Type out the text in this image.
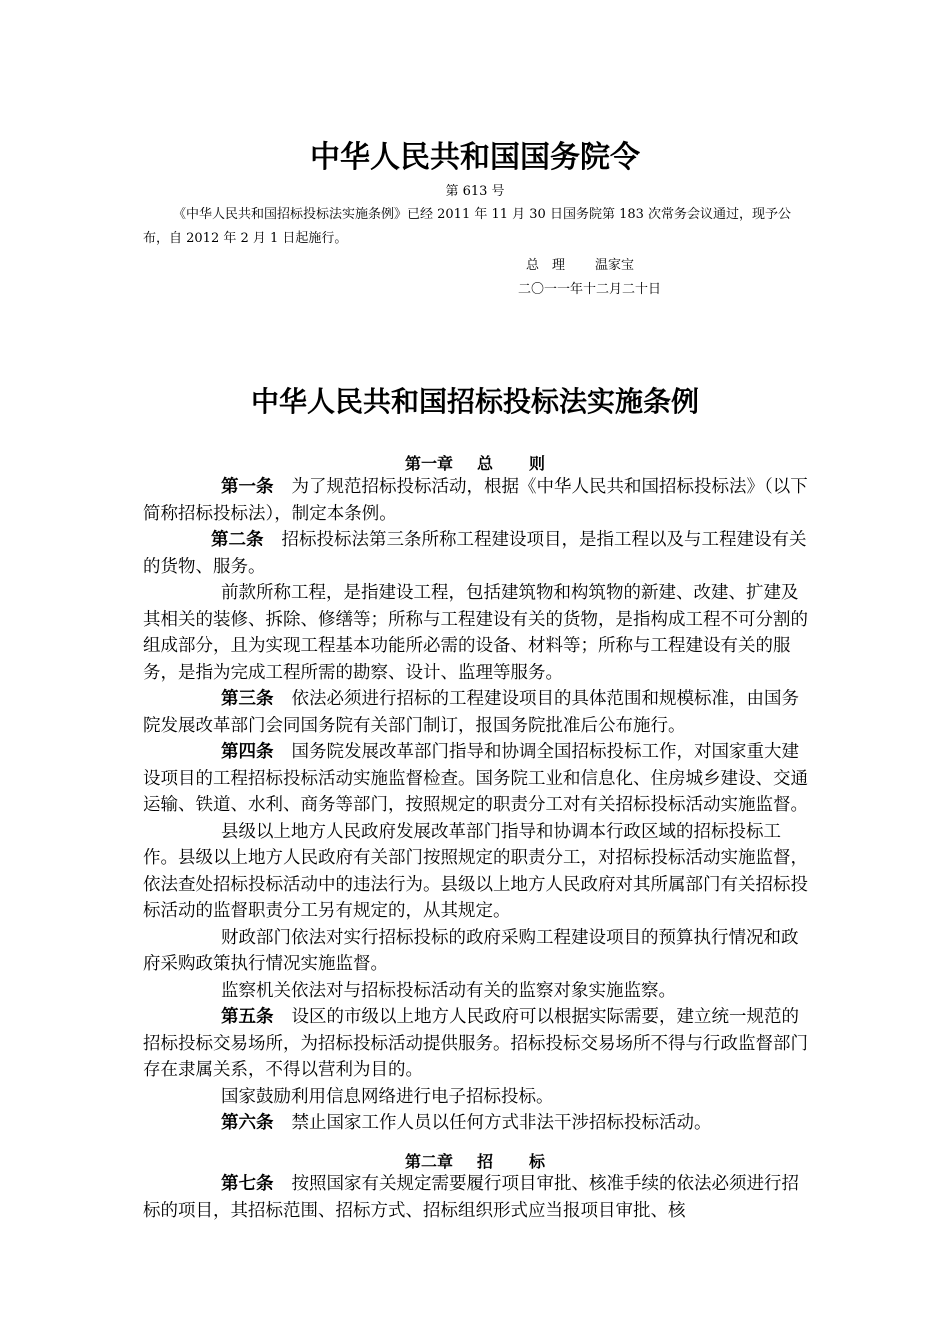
中华人民共和国国务院令
第 613 号

《中华人民共和国招标投标法实施条例》已经 2011 年 11 月 30 日国务院第 183 次常务会议通过，现予公布，自 2012 年 2 月 1 日起施行。

总　理 温家宝
二〇一一年十二月二十日
中华人民共和国招标投标法实施条例
第一章 总 则

第一条 为了规范招标投标活动，根据《中华人民共和国招标投标法》（以下简称招标投标法），制定本条例。

第二条 招标投标法第三条所称工程建设项目，是指工程以及与工程建设有关的货物、服务。

前款所称工程，是指建设工程，包括建筑物和构筑物的新建、改建、扩建及其相关的装修、拆除、修缮等；所称与工程建设有关的货物，是指构成工程不可分割的组成部分，且为实现工程基本功能所必需的设备、材料等；所称与工程建设有关的服务，是指为完成工程所需的勘察、设计、监理等服务。

第三条 依法必须进行招标的工程建设项目的具体范围和规模标准，由国务院发展改革部门会同国务院有关部门制订，报国务院批准后公布施行。

第四条 国务院发展改革部门指导和协调全国招标投标工作，对国家重大建设项目的工程招标投标活动实施监督检查。国务院工业和信息化、住房城乡建设、交通运输、铁道、水利、商务等部门，按照规定的职责分工对有关招标投标活动实施监督。

县级以上地方人民政府发展改革部门指导和协调本行政区域的招标投标工作。县级以上地方人民政府有关部门按照规定的职责分工，对招标投标活动实施监督，依法查处招标投标活动中的违法行为。县级以上地方人民政府对其所属部门有关招标投标活动的监督职责分工另有规定的，从其规定。

财政部门依法对实行招标投标的政府采购工程建设项目的预算执行情况和政府采购政策执行情况实施监督。

监察机关依法对与招标投标活动有关的监察对象实施监察。

第五条 设区的市级以上地方人民政府可以根据实际需要，建立统一规范的招标投标交易场所，为招标投标活动提供服务。招标投标交易场所不得与行政监督部门存在隶属关系，不得以营利为目的。

国家鼓励利用信息网络进行电子招标投标。

第六条 禁止国家工作人员以任何方式非法干涉招标投标活动。

第二章 招 标

第七条 按照国家有关规定需要履行项目审批、核准手续的依法必须进行招标的项目，其招标范围、招标方式、招标组织形式应当报项目审批、核
